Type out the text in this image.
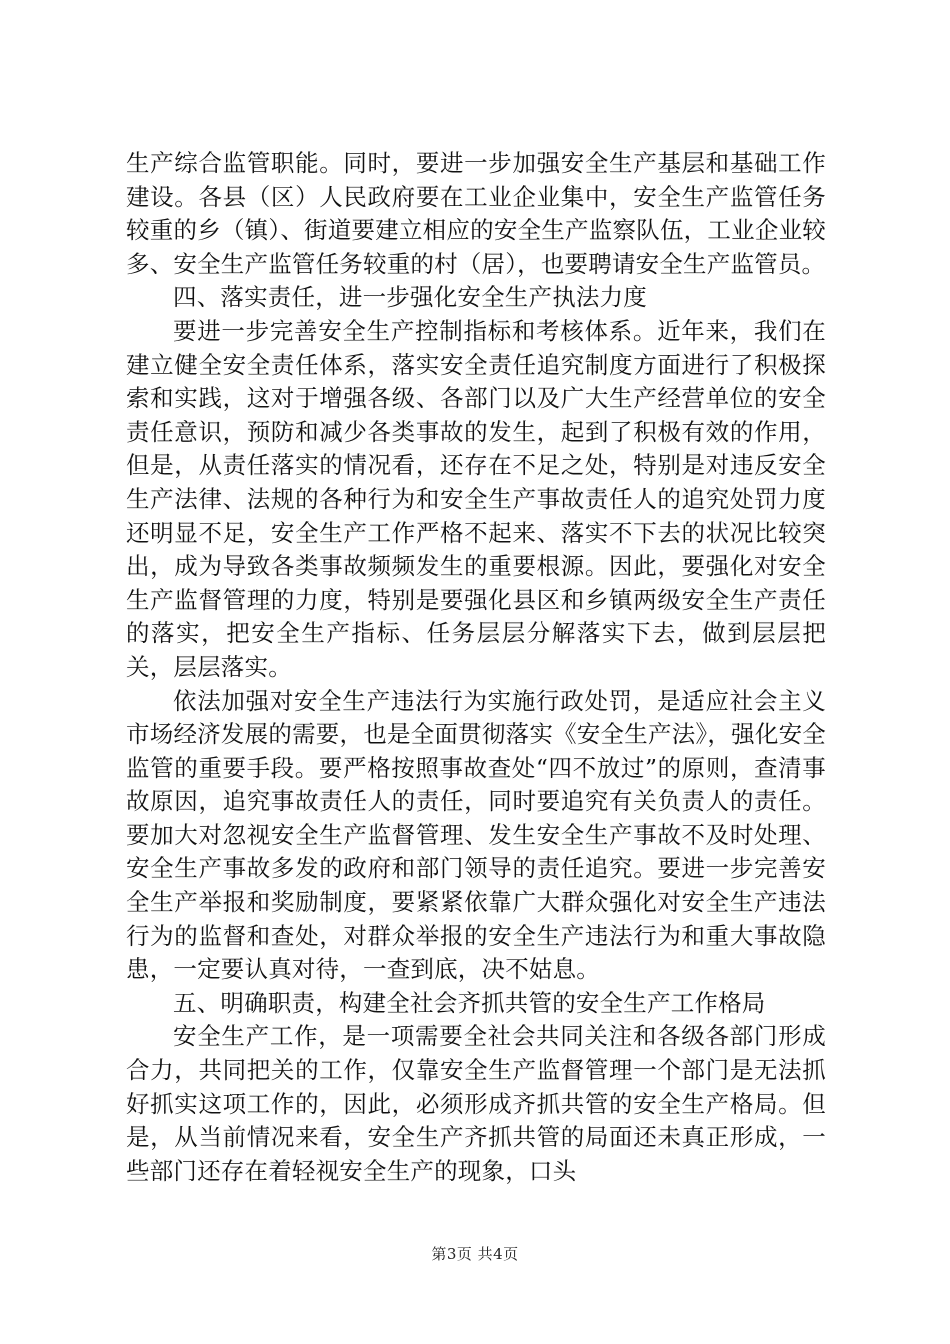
生产综合监管职能。同时，要进一步加强安全生产基层和基础工作建设。各县（区）人民政府要在工业企业集中，安全生产监管任务较重的乡（镇）、街道要建立相应的安全生产监察队伍，工业企业较多、安全生产监管任务较重的村（居），也要聘请安全生产监管员。

四、落实责任，进一步强化安全生产执法力度

要进一步完善安全生产控制指标和考核体系。近年来，我们在建立健全安全责任体系，落实安全责任追究制度方面进行了积极探索和实践，这对于增强各级、各部门以及广大生产经营单位的安全责任意识，预防和减少各类事故的发生，起到了积极有效的作用，但是，从责任落实的情况看，还存在不足之处，特别是对违反安全生产法律、法规的各种行为和安全生产事故责任人的追究处罚力度还明显不足，安全生产工作严格不起来、落实不下去的状况比较突出，成为导致各类事故频频发生的重要根源。因此，要强化对安全生产监督管理的力度，特别是要强化县区和乡镇两级安全生产责任的落实，把安全生产指标、任务层层分解落实下去，做到层层把关，层层落实。

依法加强对安全生产违法行为实施行政处罚，是适应社会主义市场经济发展的需要，也是全面贯彻落实《安全生产法》，强化安全监管的重要手段。要严格按照事故查处“四不放过”的原则，查清事故原因，追究事故责任人的责任，同时要追究有关负责人的责任。要加大对忽视安全生产监督管理、发生安全生产事故不及时处理、安全生产事故多发的政府和部门领导的责任追究。要进一步完善安全生产举报和奖励制度，要紧紧依靠广大群众强化对安全生产违法行为的监督和查处，对群众举报的安全生产违法行为和重大事故隐患，一定要认真对待，一查到底，决不姑息。

五、明确职责，构建全社会齐抓共管的安全生产工作格局

安全生产工作，是一项需要全社会共同关注和各级各部门形成合力，共同把关的工作，仅靠安全生产监督管理一个部门是无法抓好抓实这项工作的，因此，必须形成齐抓共管的安全生产格局。但是，从当前情况来看，安全生产齐抓共管的局面还未真正形成，一些部门还存在着轻视安全生产的现象，口头

第3页 共4页
